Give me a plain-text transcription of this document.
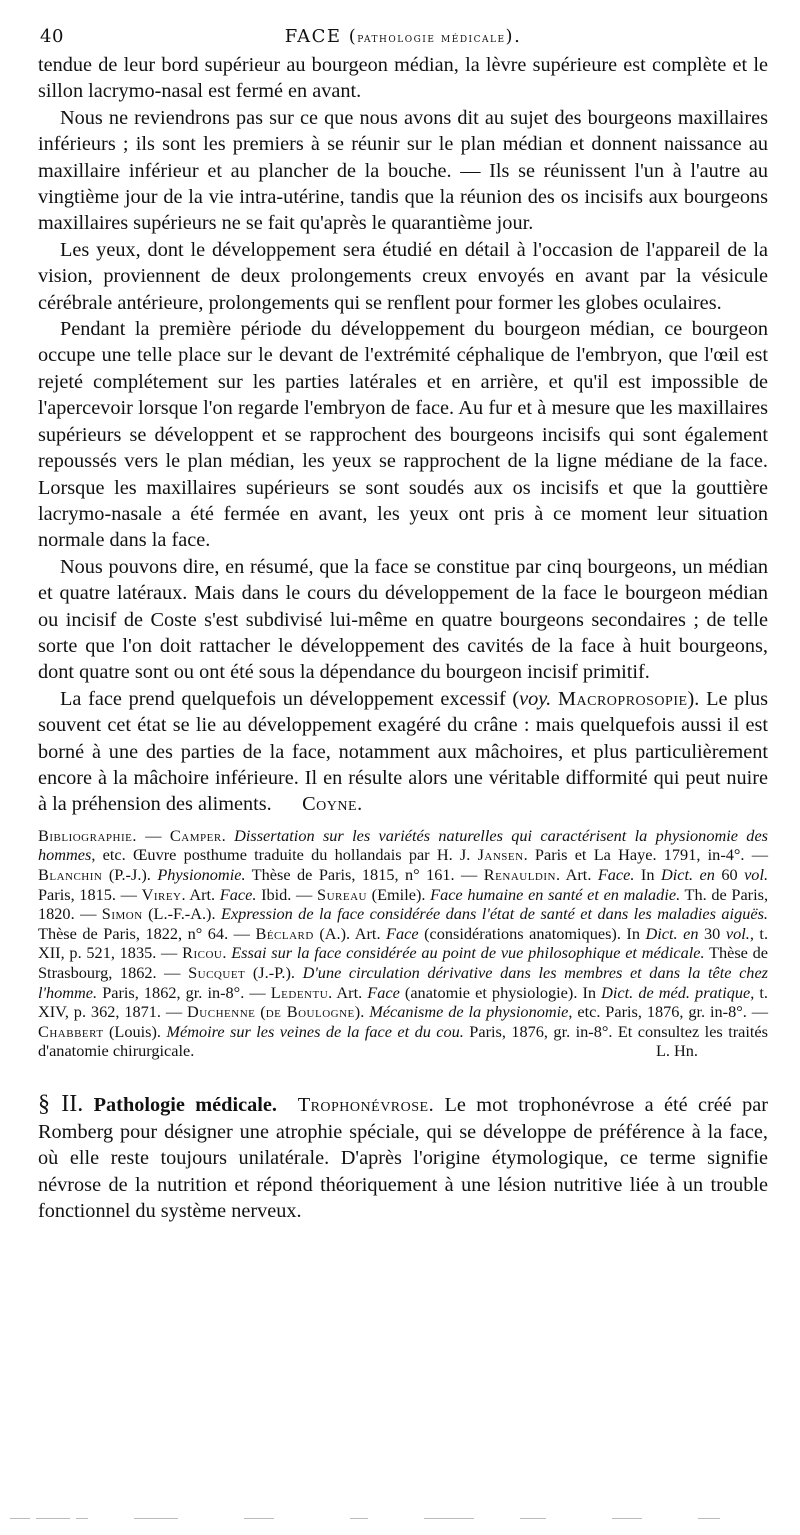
40	FACE (pathologie médicale).

tendue de leur bord supérieur au bourgeon médian, la lèvre supérieure est complète et le sillon lacrymo-nasal est fermé en avant.

Nous ne reviendrons pas sur ce que nous avons dit au sujet des bourgeons maxillaires inférieurs ; ils sont les premiers à se réunir sur le plan médian et donnent naissance au maxillaire inférieur et au plancher de la bouche. — Ils se réunissent l'un à l'autre au vingtième jour de la vie intra-utérine, tandis que la réunion des os incisifs aux bourgeons maxillaires supérieurs ne se fait qu'après le quarantième jour.

Les yeux, dont le développement sera étudié en détail à l'occasion de l'appareil de la vision, proviennent de deux prolongements creux envoyés en avant par la vésicule cérébrale antérieure, prolongements qui se renflent pour former les globes oculaires.

Pendant la première période du développement du bourgeon médian, ce bourgeon occupe une telle place sur le devant de l'extrémité céphalique de l'embryon, que l'œil est rejeté complétement sur les parties latérales et en arrière, et qu'il est impossible de l'apercevoir lorsque l'on regarde l'embryon de face. Au fur et à mesure que les maxillaires supérieurs se développent et se rapprochent des bourgeons incisifs qui sont également repoussés vers le plan médian, les yeux se rapprochent de la ligne médiane de la face. Lorsque les maxillaires supérieurs se sont soudés aux os incisifs et que la gouttière lacrymo-nasale a été fermée en avant, les yeux ont pris à ce moment leur situation normale dans la face.

Nous pouvons dire, en résumé, que la face se constitue par cinq bourgeons, un médian et quatre latéraux. Mais dans le cours du développement de la face le bourgeon médian ou incisif de Coste s'est subdivisé lui-même en quatre bourgeons secondaires ; de telle sorte que l'on doit rattacher le développement des cavités de la face à huit bourgeons, dont quatre sont ou ont été sous la dépendance du bourgeon incisif primitif.

La face prend quelquefois un développement excessif (voy. Macroprosopie). Le plus souvent cet état se lie au développement exagéré du crâne : mais quelquefois aussi il est borné à une des parties de la face, notamment aux mâchoires, et plus particulièrement encore à la mâchoire inférieure. Il en résulte alors une véritable difformité qui peut nuire à la préhension des aliments. Coyne.

Bibliographie. — Camper. Dissertation sur les variétés naturelles qui caractérisent la physionomie des hommes, etc. Œuvre posthume traduite du hollandais par H. J. Jansen. Paris et La Haye. 1791, in-4°. — Blanchin (P.-J.). Physionomie. Thèse de Paris, 1815, n° 161. — Renauldin. Art. Face. In Dict. en 60 vol. Paris, 1815. — Virey. Art. Face. Ibid. — Sureau (Emile). Face humaine en santé et en maladie. Th. de Paris, 1820. — Simon (L.-F.-A.). Expression de la face considérée dans l'état de santé et dans les maladies aiguës. Thèse de Paris, 1822, n° 64. — Béclard (A.). Art. Face (considérations anatomiques). In Dict. en 30 vol., t. XII, p. 521, 1835. — Ricou. Essai sur la face considérée au point de vue philosophique et médicale. Thèse de Strasbourg, 1862. — Sucquet (J.-P.). D'une circulation dérivative dans les membres et dans la tête chez l'homme. Paris, 1862, gr. in-8°. — Ledentu. Art. Face (anatomie et physiologie). In Dict. de méd. pratique, t. XIV, p. 362, 1871. — Duchenne (de Boulogne). Mécanisme de la physionomie, etc. Paris, 1876, gr. in-8°. — Chabbert (Louis). Mémoire sur les veines de la face et du cou. Paris, 1876, gr. in-8°. Et consultez les traités d'anatomie chirurgicale.	L. Hn.
§ II. Pathologie médicale. Trophonévrose. Le mot trophonévrose a été créé par Romberg pour désigner une atrophie spéciale, qui se développe de préférence à la face, où elle reste toujours unilatérale. D'après l'origine étymologique, ce terme signifie névrose de la nutrition et répond théoriquement à une lésion nutritive liée à un trouble fonctionnel du système nerveux.
